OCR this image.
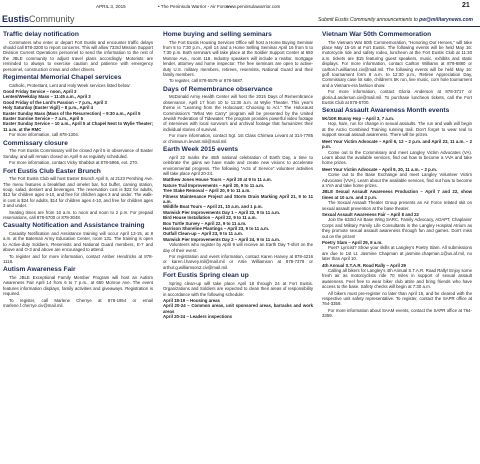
APRIL 3, 2015	• The Peninsula Warrior - Air Force •
www.peninsulawarrior.com	21
EustisCommunity	Submit Eustis Community announcements to pw@militarynews.com
Traffic delay notification

Commuters who enter or depart Fort Eustis and encounter traffic delays should call 878-3200 to report concerns. This will allow 733rd Mission Support Division Current Operations personnel to send the information to the rest of the JBLE community to adjust travel plans accordingly. Motorists are reminded to always to exercise caution and patience with emergency personnel, construction crews and other drivers.

Regimental Memorial Chapel services

Catholic, Protestant, Lent and Holy Week services listed below:

Good Friday Service – noon, April 3

Lenten/Weekday Mass – 11:45 a.m., April 3

Good Friday of the Lord's Passion – 7 p.m., April 3

Holy Saturday (Easter Vigil) – 8 p.m., April 4

Easter Sunday Mass (Mass of the Resurrection) – 9:30 a.m., April 5

Easter Sunrise Service – 7 a.m., April 5

Easter Sunday Service – 10 a.m., April 5 at Chapel Next to Wylie Theater; 11 a.m. at the RMC

For more information, call 878-1304.

Commissary closure

The Fort Eustis Commissary will be closed April 5 in observance of Easter Sunday, and will remain closed on April 6 as regularly scheduled.

For more information, contact Vicky Shabbot at 878-5966, ext. 270.

Fort Eustis Club Easter Brunch

The Fort Eustis Club will host Easter Brunch April 5, at 2123 Pershing Ave. The menu features a breakfast and omelet bar, hot buffet, carving station, soup, salad, dessert and beverages. The reservation cost is $22 for adults, $12 for children ages 4-10, and free for children ages 3 and under. The walk-in cost is $24 for adults, $14 for children ages 4-10, and free for children ages 3 and under.

Seating times are from 10 a.m. to noon and noon to 2 p.m. For prepaid reservations, call 878-5700 or 878-3048.

Casualty Notification and Assistance training

Casualty Notification and Assistance training will occur April 13-15, at 8 a.m. at the Bateman Army Education Center, room 131. The training is open to Active-duty Soldiers, Reservists and National Guard members, E-7 and above and O-3 and above are encouraged to attend.

To register and for more information, contact Amber Hendricks at 878-1118.

Autism Awareness Fair

The JBLE Exceptional Family Member Program will host an Autism Awareness Fair April 14 from 6 to 7 p.m., at 650 Monroe Ave. The event features information displays, family activities and giveaways. Registration is required.

To register, call Marlene Cherrye at 878-1954 or email marlene.f.cherrye.civ@mail.mil.

Home buying and selling seminars

The Fort Eustis Housing Services Office will host a Home Buying Seminar from 5 to 7:30 p.m., April 14 and a Home Selling Seminar April 16 from 5 to 7:30 p.m. Both seminars will take place at the Soldier Support Center at 650 Monroe Ave., room 118. Industry speakers will include a realtor, mortgage lender, attorney and home inspector. The free seminars are open to active-duty U.S. military members, retirees, reservists, National Guard and their family members.

To register, call 878-5579 or 878-5687.

Days of Remembrance observance

McDonald Army Health Center will host the 2015 Days of Remembrance observance, April 17 from 10 to 11:30 a.m. at Wylie Theater. This year's theme is "Learning from the Holocaust: Choosing to Act." The Holocaust Commission's "What We Carry" program will be presented by the United Jewish Federation of Tidewater. The program provides powerful video footage of interviews with local survivors and archival footage that humanizes their individual stories of survival.

For more information, contact Sgt. 1st Class Chimwa Levant at 314-7785 or chimwa.m.levant.mil@mail.mil.

Earth Week 2015 events

April 22 marks the 45th national celebration of Earth Day, a time to celebrate the gains we have made and create new visions to accelerate environmental progress. The following "Acts of Service" volunteer activities will take place April 20-24.

Matthew Jones House Tours – April 20 at 9 to 11 a.m.

Nature Trail Improvements – April 20, 9 to 11 a.m.

Tree Stake Removal – April 20, 9 to 11 a.m.

Fitness Maintenance Project and Storm Drain Marking April 21, 9 to 11 a.m.

Wildlife Boat Tours – April 21, 10 a.m. and 1 p.m.

Warwick Pier Improvements Day 1 – April 22, 9 to 11 a.m.

Bird House Installation – April 22, 9 to 11 a.m.

Box Turtle Survey – April 22, 9 to 11 a.m.

Harrison Shoreline Plantings – April 23, 9 to 11 a.m.

Outfall Clean-up – April 23, 9 to 11 a.m.

Warwick Pier Improvements Day 2 – April 24, 9 to 11 a.m.

Volunteers who register by April 9 will receive an Earth Day T-shirt on the day of their event.

For registration and event information, contact Karen Harvey at 878-4216 or karen.l.harvey.mil@mail.mil or Artie Williamson at 878-7378 or arthur.g.williamson2.civ@mail.mil.

Fort Eustis Spring clean up

Spring clean-up will take place April 18 through 24 at Fort Eustis. Organizations and Soldiers are expected to clean their areas of responsibility in accordance with the following schedule:

April 18-19 – Housing areas

April 20-24 – Common areas, unit sponsored areas, barracks and work areas

April 20-24 – Leaders inspections

Vietnam War 50th Commemoration

The Vietnam War 50th Commemoration, "Honoring Our Heroes," will take place May 15-16 at Fort Eustis. The following events will be held May 16: motorcycle ride and safety rodeo, luncheon at the Fort Eustis Club at 11:30 a.m. tickets are $15 featuring guest speakers, music, exhibits and static displays. For more information, contact Carlton Williams at 878-6880 or carlton.h.williams4.civ@mail.mil. The following events will be held May 16: golf tournament form 8 a.m. to 12:30 p.m., Retiree Appreciation Day, Commissary case lot sale, children's 5K run, live music, corn hole tournament and a Vietnam-era fashion show.

For more information, contact Gloria Anderson at 878-3717 or gloria.d.anderson.civ@mail.mil. To purchase luncheon tickets, call the Fort Eustis Club at 878-5700.

Sexual Assault Awareness Month events

5K/10K Bunny Hop – April 3, 7 a.m.

Hop, hare, run for change in sexual assaults. The run and walk will begin at the Anzio Combined Training running trail. Don't forget to wear teal to support sexual assault awareness. There will be prizes.

Meet Your Victim Advocate – April 6, 12 – 2 p.m. and April 23, 11 a.m. – 2 p.m.

Come out to the Commissary and meet Langley Victim Advocates (VA). Learn about the available services, find out how to become a VVA and take home prizes.

Meet Your Victim Advocate – April 9, 20, 11 a.m. – 2 p.m.

Come out to the Base Exchange and meet Langley Volunteer Victim Advocates (VVA). Learn about the available services, find out how to become a VVA and take home prizes.

JBLE Sexual Assault Awareness Production – April 7 and 22, show times at 10 a.m. and 2 p.m.

The Sexual Assault Theater Group presents an Air Force related skit on sexual assault prevention at the base theater.

Sexual Assault Awareness Fair – April 8 and 22

Join the 633rd Air Base Wing SARC, Family Advocacy, ADAPT, Chaplains' Corps and Military Family Life Consultants in the Langley Hospital Atrium as they promote sexual assault awareness through fun and games. Don't miss out on the prizes!

Poetry Slam – April 29, 8 a.m.

Poet? Lyricist? Show your skills at Langley's Poetry Slam. All submissions are due to 1st Lt. Jasmine Chapman at jasmine.chapman.1@us.af.mil, no later than April 10.

4th Annual S.T.A.R. Road Rally – April 29

Calling all bikers for Langley's 4th Annual S.T.A.R. Road Rally! Enjoy some fresh air as motorcyclists ride 70 miles in support of sexual assault awareness. Feel free to wear biker club attire and bring friends who have access to the base. Safety checks will begin at 7:30 a.m.

All bikers must pre-register no later than April 15, and be cleared with the respective unit safety representative. To register, contact the SAPR office at 764-3359.

For more information about SAAM events, contact the SAPR office at 764-3359.
